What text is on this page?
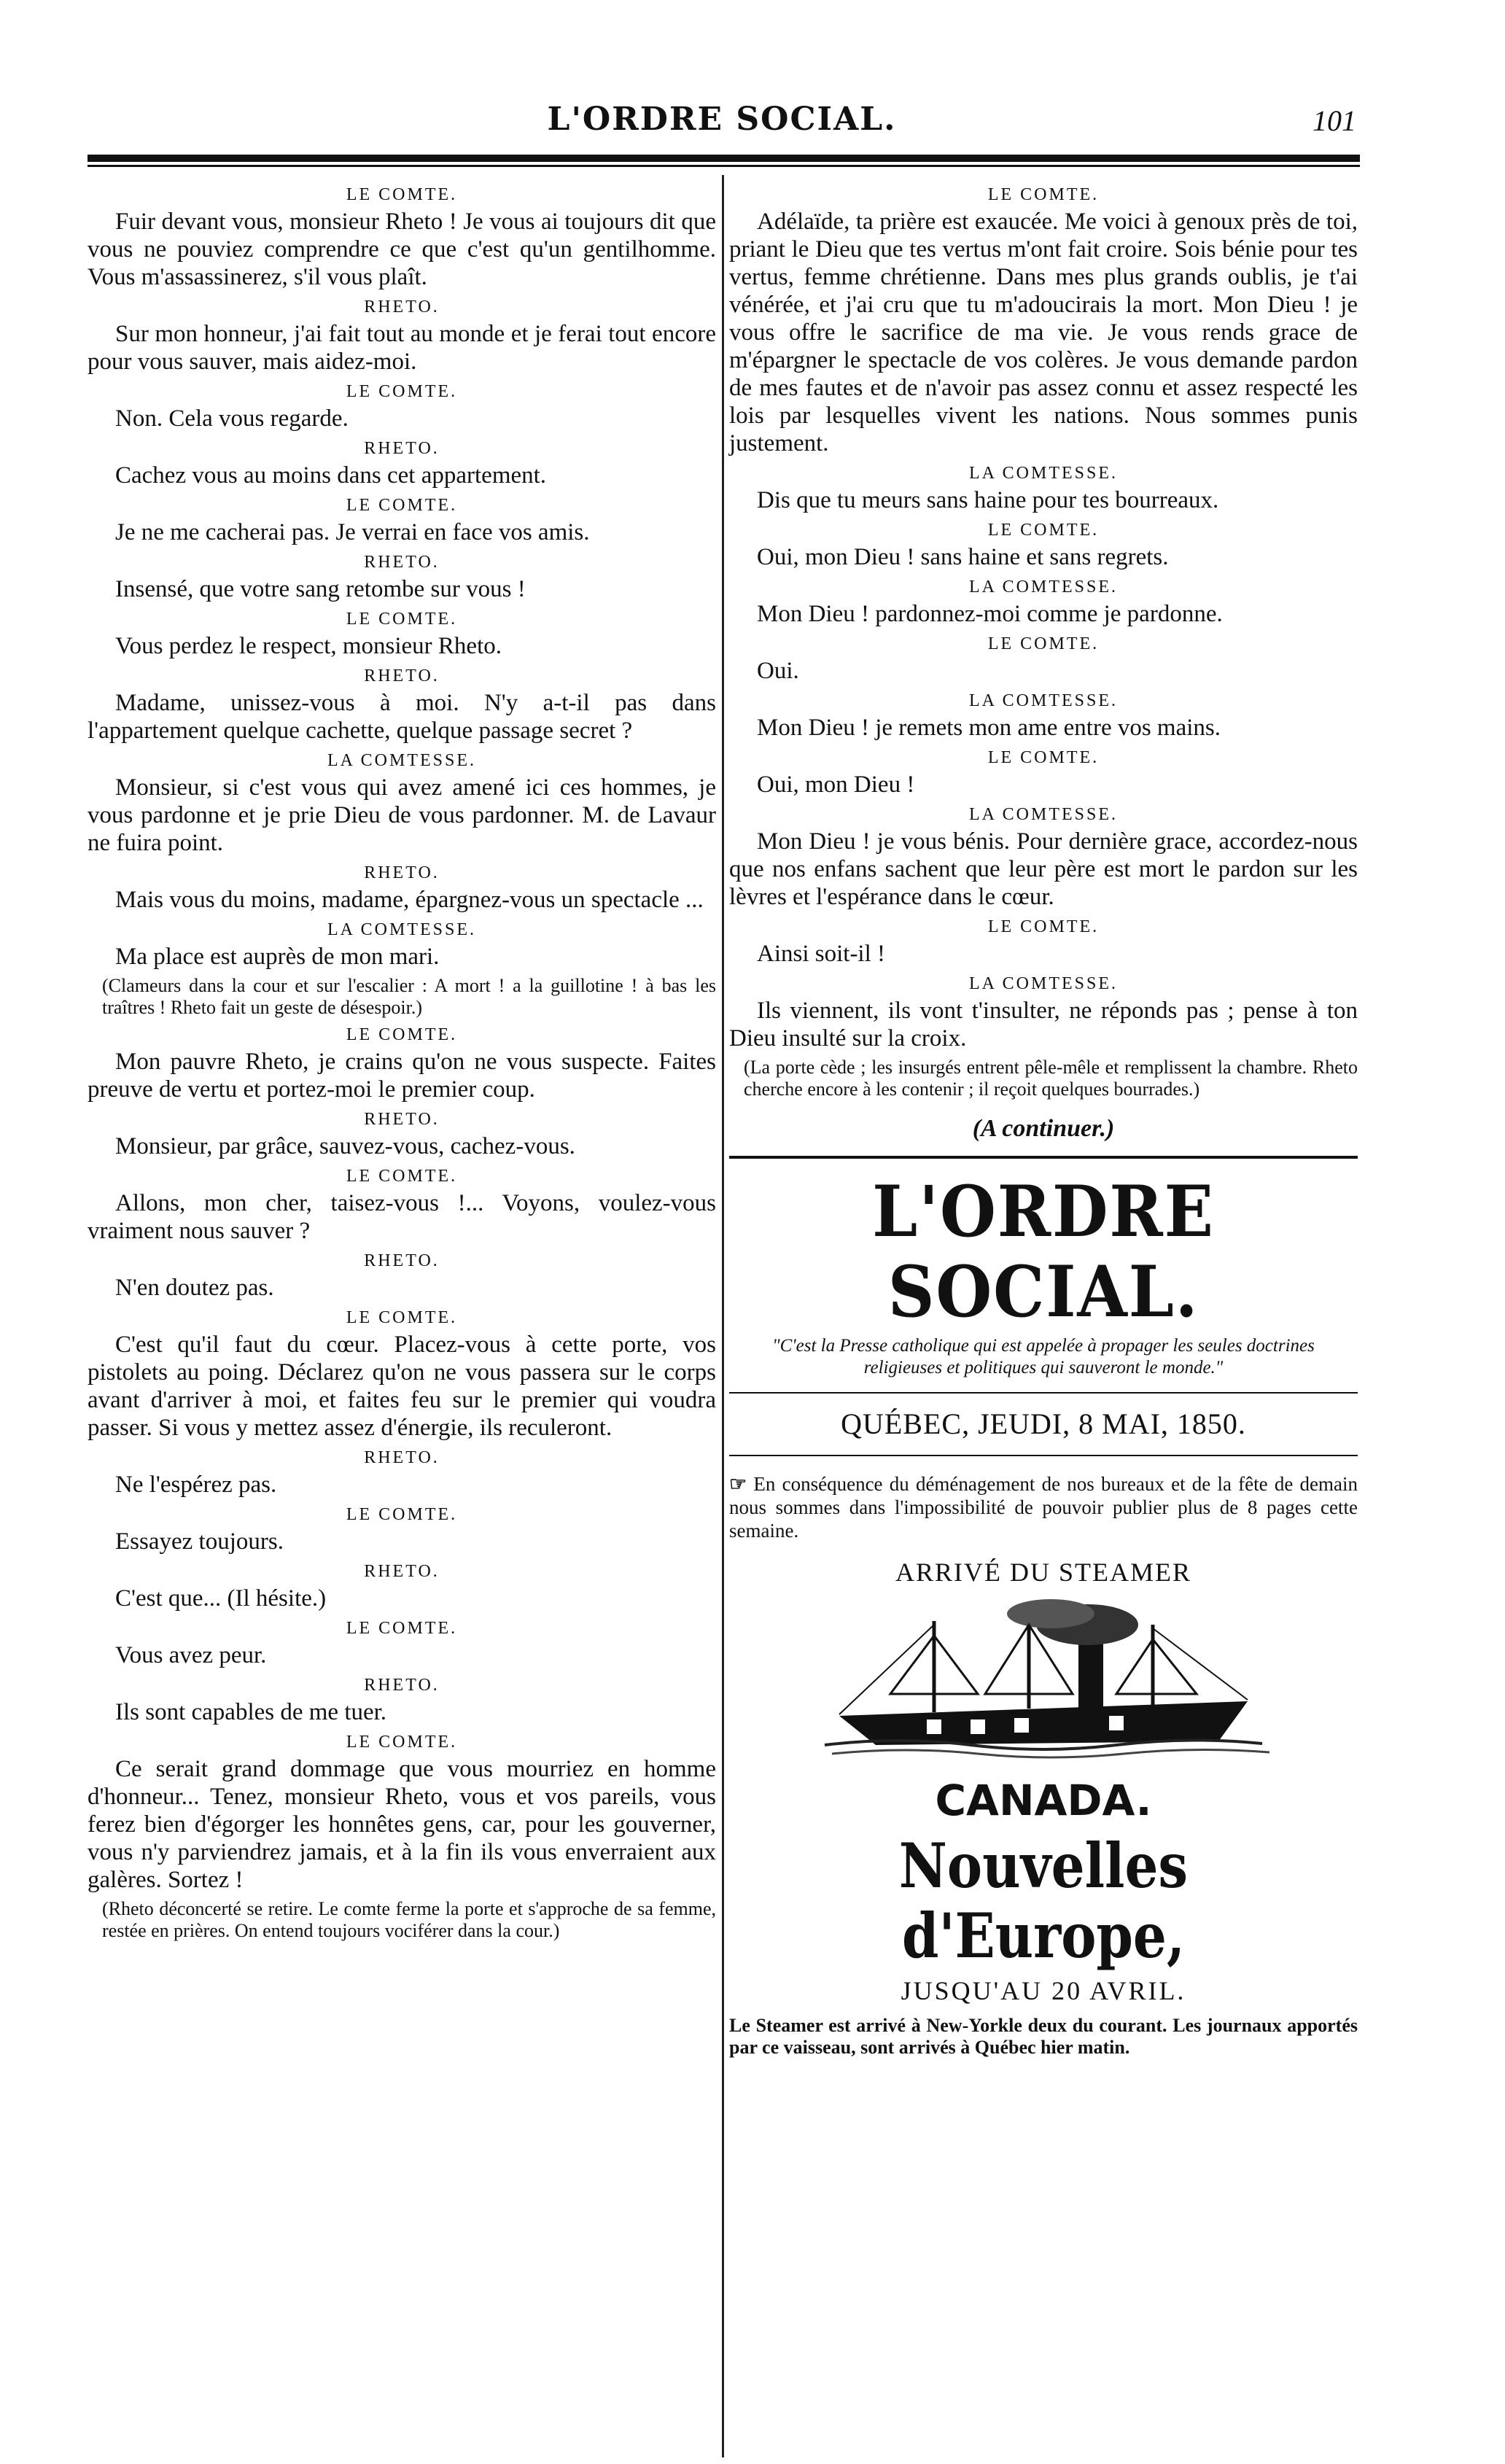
L'ORDRE SOCIAL.	101
LE COMTE.

Fuir devant vous, monsieur Rheto ! Je vous ai toujours dit que vous ne pouviez comprendre ce que c'est qu'un gentilhomme. Vous m'assassinerez, s'il vous plaît.

RHETO.

Sur mon honneur, j'ai fait tout au monde et je ferai tout encore pour vous sauver, mais aidez-moi.

LE COMTE.

Non. Cela vous regarde.

RHETO.

Cachez vous au moins dans cet appartement.

LE COMTE.

Je ne me cacherai pas. Je verrai en face vos amis.

RHETO.

Insensé, que votre sang retombe sur vous !

LE COMTE.

Vous perdez le respect, monsieur Rheto.

RHETO.

Madame, unissez-vous à moi. N'y a-t-il pas dans l'appartement quelque cachette, quelque passage secret ?

LA COMTESSE.

Monsieur, si c'est vous qui avez amené ici ces hommes, je vous pardonne et je prie Dieu de vous pardonner. M. de Lavaur ne fuira point.

RHETO.

Mais vous du moins, madame, épargnez-vous un spectacle ...

LA COMTESSE.

Ma place est auprès de mon mari.

(Clameurs dans la cour et sur l'escalier : A mort ! a la guillotine ! à bas les traîtres ! Rheto fait un geste de désespoir.)
LE COMTE.

Mon pauvre Rheto, je crains qu'on ne vous suspecte. Faites preuve de vertu et portez-moi le premier coup.

RHETO.

Monsieur, par grâce, sauvez-vous, cachez-vous.

LE COMTE.

Allons, mon cher, taisez-vous !... Voyons, voulez-vous vraiment nous sauver ?

RHETO.

N'en doutez pas.

LE COMTE.

C'est qu'il faut du cœur. Placez-vous à cette porte, vos pistolets au poing. Déclarez qu'on ne vous passera sur le corps avant d'arriver à moi, et faites feu sur le premier qui voudra passer. Si vous y mettez assez d'énergie, ils reculeront.

RHETO.

Ne l'espérez pas.

LE COMTE.

Essayez toujours.

RHETO.

C'est que... (Il hésite.)

LE COMTE.

Vous avez peur.

RHETO.

Ils sont capables de me tuer.

LE COMTE.

Ce serait grand dommage que vous mourriez en homme d'honneur... Tenez, monsieur Rheto, vous et vos pareils, vous ferez bien d'égorger les honnêtes gens, car, pour les gouverner, vous n'y parviendrez jamais, et à la fin ils vous enverraient aux galères. Sortez !

(Rheto déconcerté se retire. Le comte ferme la porte et s'approche de sa femme, restée en prières. On entend toujours vociférer dans la cour.)
LE COMTE.

Adélaïde, ta prière est exaucée. Me voici à genoux près de toi, priant le Dieu que tes vertus m'ont fait croire. Sois bénie pour tes vertus, femme chrétienne. Dans mes plus grands oublis, je t'ai vénérée, et j'ai cru que tu m'adoucirais la mort. Mon Dieu ! je vous offre le sacrifice de ma vie. Je vous rends grace de m'épargner le spectacle de vos colères. Je vous demande pardon de mes fautes et de n'avoir pas assez connu et assez respecté les lois par lesquelles vivent les nations. Nous sommes punis justement.

LA COMTESSE.

Dis que tu meurs sans haine pour tes bourreaux.

LE COMTE.

Oui, mon Dieu ! sans haine et sans regrets.

LA COMTESSE.

Mon Dieu ! pardonnez-moi comme je pardonne.

LE COMTE.

Oui.

LA COMTESSE.

Mon Dieu ! je remets mon ame entre vos mains.

LE COMTE.

Oui, mon Dieu !

LA COMTESSE.

Mon Dieu ! je vous bénis. Pour dernière grace, accordez-nous que nos enfans sachent que leur père est mort le pardon sur les lèvres et l'espérance dans le cœur.

LE COMTE.

Ainsi soit-il !

LA COMTESSE.

Ils viennent, ils vont t'insulter, ne réponds pas ; pense à ton Dieu insulté sur la croix.

(La porte cède ; les insurgés entrent pêle-mêle et remplissent la chambre. Rheto cherche encore à les contenir ; il reçoit quelques bourrades.)
(A continuer.)
L'ORDRE SOCIAL.
"C'est la Presse catholique qui est appelée à propager les seules doctrines religieuses et politiques qui sauveront le monde."
QUÉBEC, JEUDI, 8 MAI, 1850.

☞ En conséquence du déménagement de nos bureaux et de la fête de demain nous sommes dans l'impossibilité de pouvoir publier plus de 8 pages cette semaine.

ARRIVÉ DU STEAMER
CANADA.
Nouvelles d'Europe,
JUSQU'AU 20 AVRIL.

Le Steamer est arrivé à New-Yorkle deux du courant. Les journaux apportés par ce vaisseau, sont arrivés à Québec hier matin.
